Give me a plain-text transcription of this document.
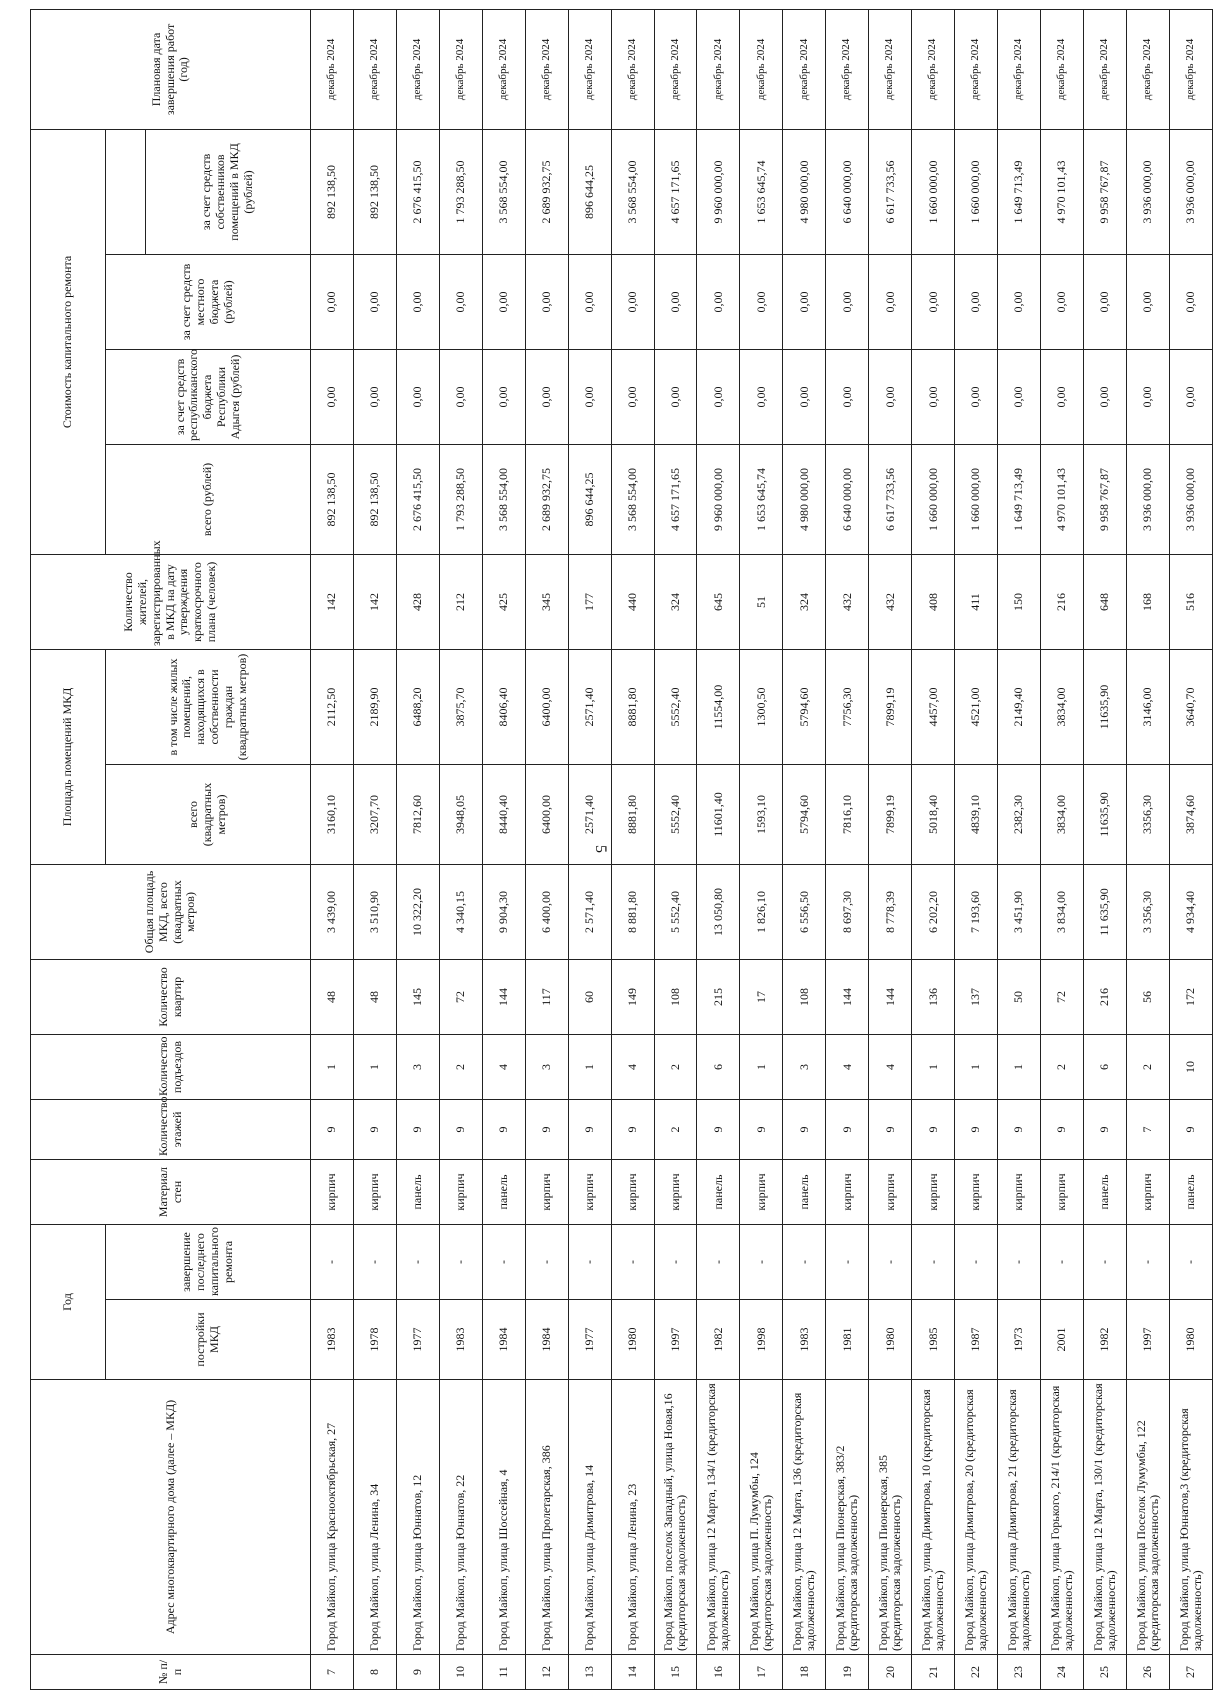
5
№ п/п	Адрес многоквартирного дома (далее – МКД)	Год		Материал стен	Количество этажей	Количество подъездов	Количество квартир	Общая площадь МКД, всего (квадратных метров)	Площадь помещений МКД		Количество жителей, зарегистрированных в МКД на дату утверждения краткосрочного плана (человек)	Стоимость капитального ремонта				Плановая дата завершения работ (год)
		постройки МКД	завершение последнего капитального ремонта						всего (квадратных метров)	в том числе жилых помещений, находящихся в собственности граждан (квадратных метров)		всего (рублей)	за счет средств республиканского бюджета Республики Адыгея (рублей)	за счет средств местного бюджета (рублей)		
															за счет средств собственников помещений в МКД (рублей)	
7	Город Майкоп, улица Краснооктябрьская, 27	1983	-	кирпич	9	1	48	3 439,00	3160,10	2112,50	142	892 138,50	0,00	0,00	892 138,50	декабрь 2024
8	Город Майкоп, улица Ленина, 34	1978	-	кирпич	9	1	48	3 510,90	3207,70	2189,90	142	892 138,50	0,00	0,00	892 138,50	декабрь 2024
9	Город Майкоп, улица Юннатов, 12	1977	-	панель	9	3	145	10 322,20	7812,60	6488,20	428	2 676 415,50	0,00	0,00	2 676 415,50	декабрь 2024
10	Город Майкоп, улица Юннатов, 22	1983	-	кирпич	9	2	72	4 340,15	3948,05	3875,70	212	1 793 288,50	0,00	0,00	1 793 288,50	декабрь 2024
11	Город Майкоп, улица Шоссейная, 4	1984	-	панель	9	4	144	9 904,30	8440,40	8406,40	425	3 568 554,00	0,00	0,00	3 568 554,00	декабрь 2024
12	Город Майкоп, улица Пролетарская, 386	1984	-	кирпич	9	3	117	6 400,00	6400,00	6400,00	345	2 689 932,75	0,00	0,00	2 689 932,75	декабрь 2024
13	Город Майкоп, улица Димитрова, 14	1977	-	кирпич	9	1	60	2 571,40	2571,40	2571,40	177	896 644,25	0,00	0,00	896 644,25	декабрь 2024
14	Город Майкоп, улица Ленина, 23	1980	-	кирпич	9	4	149	8 881,80	8881,80	8881,80	440	3 568 554,00	0,00	0,00	3 568 554,00	декабрь 2024
15	Город Майкоп, поселок Западный, улица Новая,16 (кредиторская задолженность)	1997	-	кирпич	2	2	108	5 552,40	5552,40	5552,40	324	4 657 171,65	0,00	0,00	4 657 171,65	декабрь 2024
16	Город Майкоп, улица 12 Марта, 134/1 (кредиторская задолженность)	1982	-	панель	9	6	215	13 050,80	11601,40	11554,00	645	9 960 000,00	0,00	0,00	9 960 000,00	декабрь 2024
17	Город Майкоп, улица П. Лумумбы, 124 (кредиторская задолженность)	1998	-	кирпич	9	1	17	1 826,10	1593,10	1300,50	51	1 653 645,74	0,00	0,00	1 653 645,74	декабрь 2024
18	Город Майкоп, улица 12 Марта, 136 (кредиторская задолженность)	1983	-	панель	9	3	108	6 556,50	5794,60	5794,60	324	4 980 000,00	0,00	0,00	4 980 000,00	декабрь 2024
19	Город Майкоп, улица Пионерская, 383/2 (кредиторская задолженность)	1981	-	кирпич	9	4	144	8 697,30	7816,10	7756,30	432	6 640 000,00	0,00	0,00	6 640 000,00	декабрь 2024
20	Город Майкоп, улица Пионерская, 385 (кредиторская задолженность)	1980	-	кирпич	9	4	144	8 778,39	7899,19	7899,19	432	6 617 733,56	0,00	0,00	6 617 733,56	декабрь 2024
21	Город Майкоп, улица Димитрова, 10 (кредиторская задолженность)	1985	-	кирпич	9	1	136	6 202,20	5018,40	4457,00	408	1 660 000,00	0,00	0,00	1 660 000,00	декабрь 2024
22	Город Майкоп, улица Димитрова, 20 (кредиторская задолженность)	1987	-	кирпич	9	1	137	7 193,60	4839,10	4521,00	411	1 660 000,00	0,00	0,00	1 660 000,00	декабрь 2024
23	Город Майкоп, улица Димитрова, 21 (кредиторская задолженность)	1973	-	кирпич	9	1	50	3 451,90	2382,30	2149,40	150	1 649 713,49	0,00	0,00	1 649 713,49	декабрь 2024
24	Город Майкоп, улица Горького, 214/1 (кредиторская задолженность)	2001	-	кирпич	9	2	72	3 834,00	3834,00	3834,00	216	4 970 101,43	0,00	0,00	4 970 101,43	декабрь 2024
25	Город Майкоп, улица 12 Марта, 130/1 (кредиторская задолженность)	1982	-	панель	9	6	216	11 635,90	11635,90	11635,90	648	9 958 767,87	0,00	0,00	9 958 767,87	декабрь 2024
26	Город Майкоп, улица Поселок Лумумбы, 122 (кредиторская задолженность)	1997	-	кирпич	7	2	56	3 356,30	3356,30	3146,00	168	3 936 000,00	0,00	0,00	3 936 000,00	декабрь 2024
27	Город Майкоп, улица Юннатов,3 (кредиторская задолженность)	1980	-	панель	9	10	172	4 934,40	3874,60	3640,70	516	3 936 000,00	0,00	0,00	3 936 000,00	декабрь 2024
